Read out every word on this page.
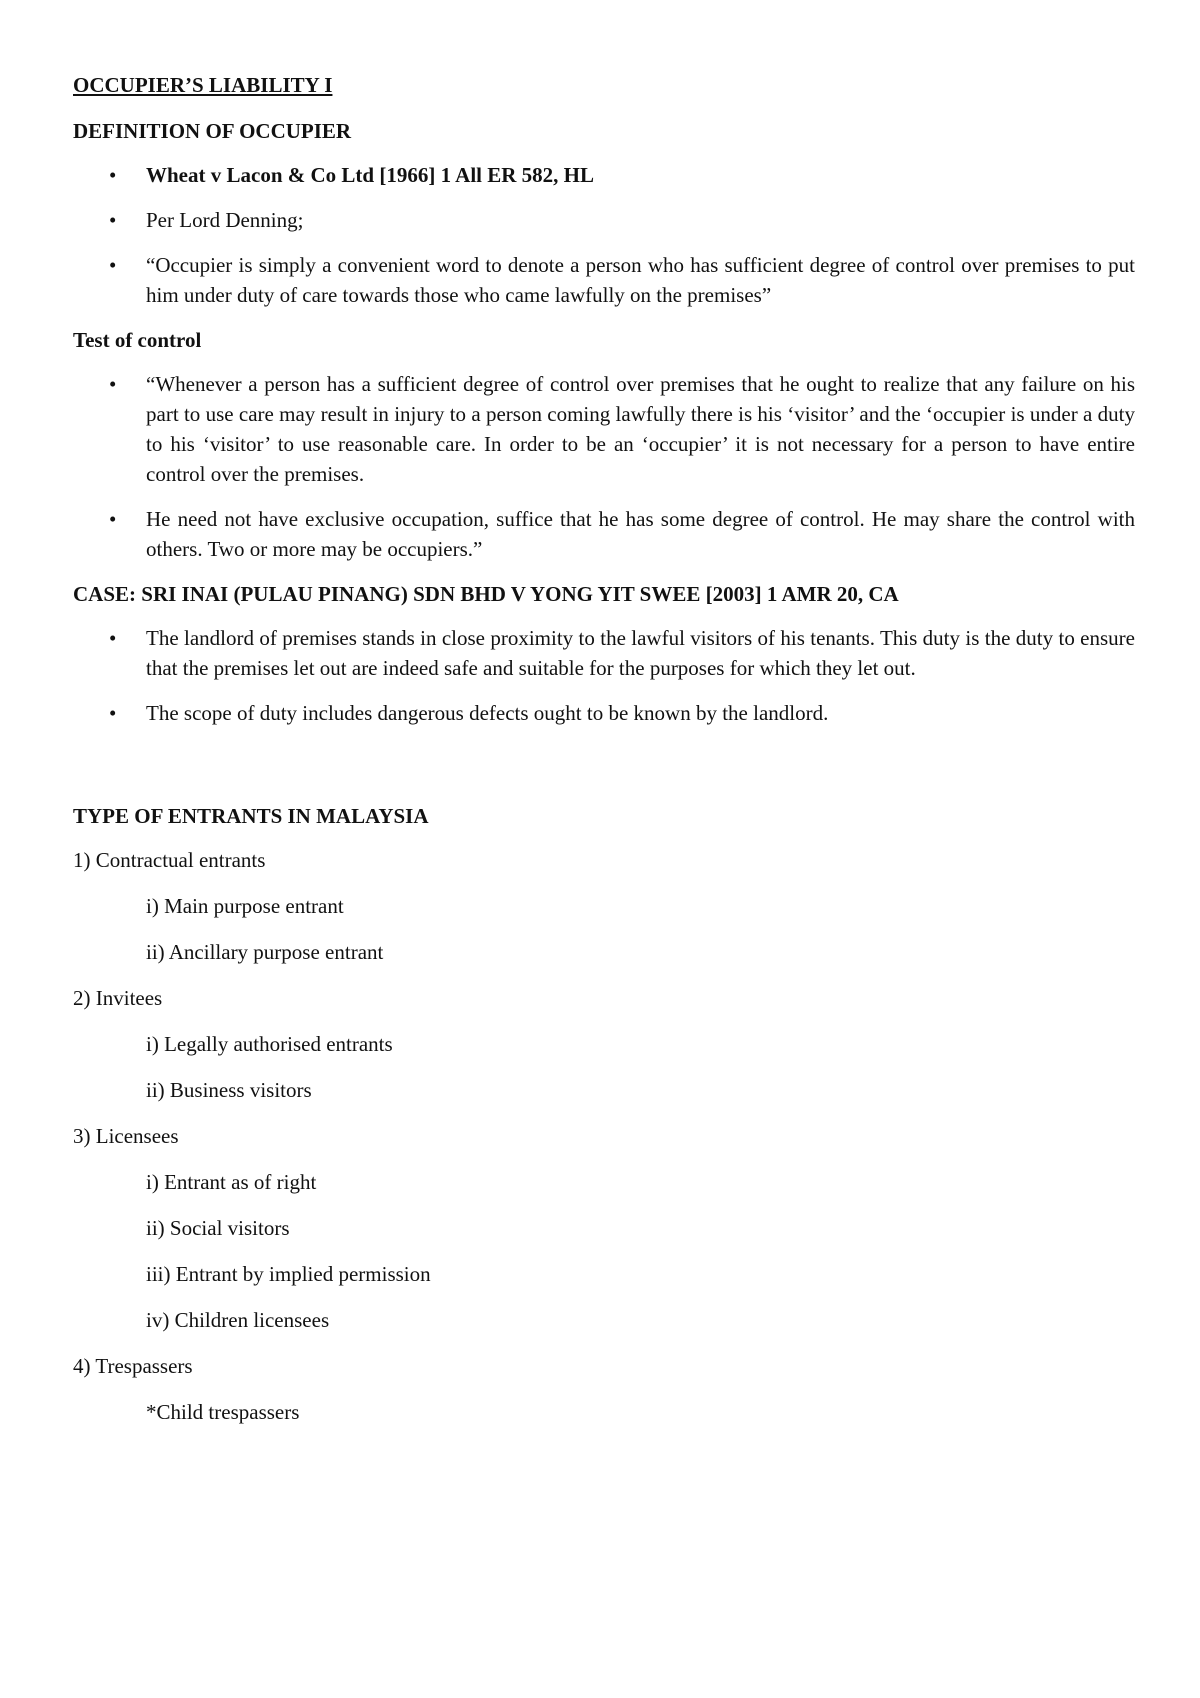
OCCUPIER’S LIABILITY I
DEFINITION OF OCCUPIER
• Wheat v Lacon & Co Ltd [1966] 1 All ER 582, HL
• Per Lord Denning;
• “Occupier is simply a convenient word to denote a person who has sufficient degree of control over premises to put him under duty of care towards those who came lawfully on the premises”
Test of control
• “Whenever a person has a sufficient degree of control over premises that he ought to realize that any failure on his part to use care may result in injury to a person coming lawfully there is his ‘visitor’ and the ‘occupier is under a duty to his ‘visitor’ to use reasonable care. In order to be an ‘occupier’ it is not necessary for a person to have entire control over the premises.
• He need not have exclusive occupation, suffice that he has some degree of control. He may share the control with others. Two or more may be occupiers.”
CASE: SRI INAI (PULAU PINANG) SDN BHD V YONG YIT SWEE [2003] 1 AMR 20, CA
• The landlord of premises stands in close proximity to the lawful visitors of his tenants. This duty is the duty to ensure that the premises let out are indeed safe and suitable for the purposes for which they let out.
• The scope of duty includes dangerous defects ought to be known by the landlord.
TYPE OF ENTRANTS IN MALAYSIA
1) Contractual entrants
i) Main purpose entrant
ii) Ancillary purpose entrant
2) Invitees
i) Legally authorised entrants
ii) Business visitors
3) Licensees
i) Entrant as of right
ii) Social visitors
iii) Entrant by implied permission
iv) Children licensees
4) Trespassers
*Child trespassers
